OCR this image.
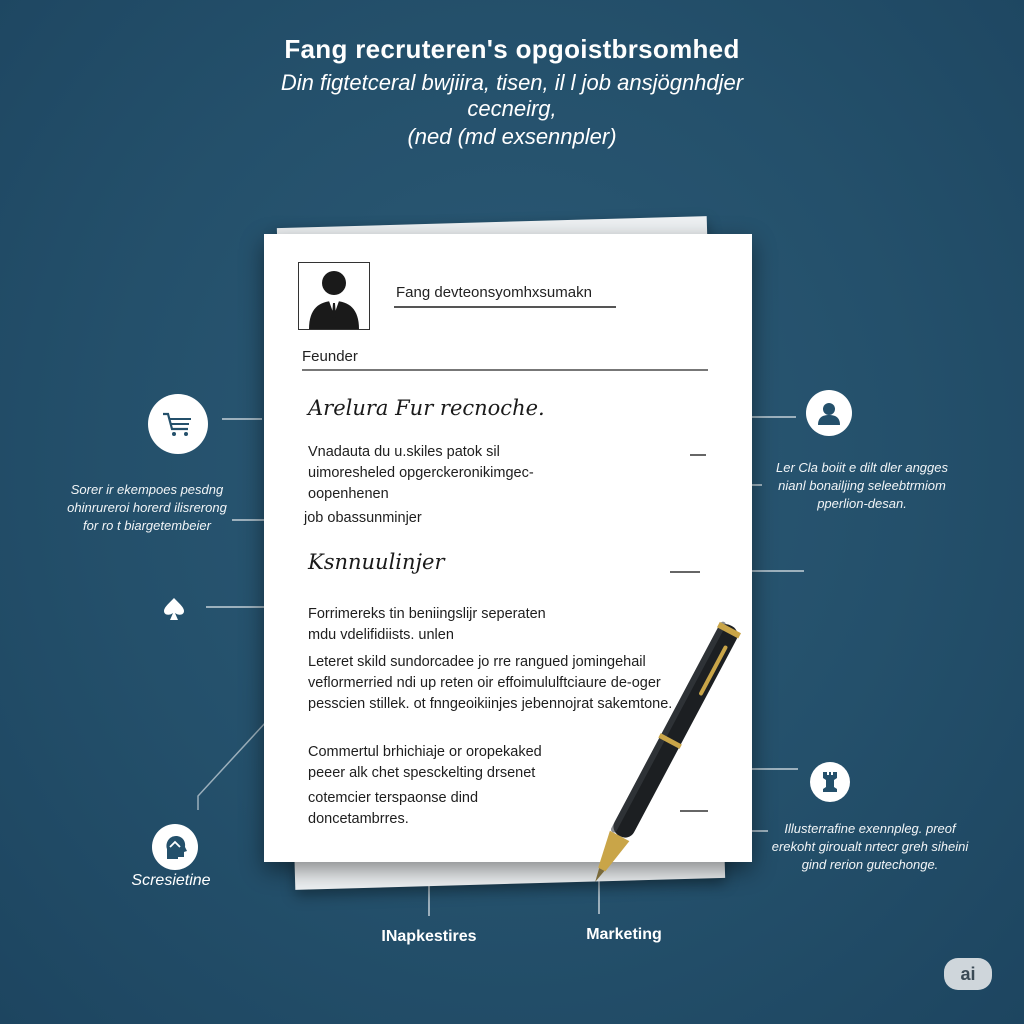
Fang recruteren's opgoistbrsomhed
Din figtetceral bwjiira, tisen, il l job ansjögnhdjer
cecneirg,
(ned (md exsennpler)
Fang devteonsyomhxsumakn
Feunder
Arelura Fur recnoche.
Vnadauta du u.skiles patok sil uimoresheled opgerckeronikimgec-oopenhenen
job obassunminjer
Ksnnuulinjer
Forrimereks tin beniingslijr seperaten mdu vdelifidiists. unlen
Leteret skild sundorcadee jo rre rangued jomingehail veflormerried ndi up reten oir effoimululftciaure de-oger pesscien stillek. ot fnngeoikiinjes jebennojrat sakemtone.
Commertul brhichiaje or oropekaked peeer alk chet spesckelting drsenet
cotemcier terspaonse dind doncetambrres.
Sorer ir ekempoes pesdng ohinrureroi horerd ilisrerong for ro t biargetembeier
Ler Cla boiit e dilt dler angges nianl bonailjing seleebtrmiom pperlion-desan.
Illusterrafine exennpleg. preof erekoht giroualt nrtecr greh siheini gind rerion gutechonge.
Scresietine
INapkestires	Marketing
ai
